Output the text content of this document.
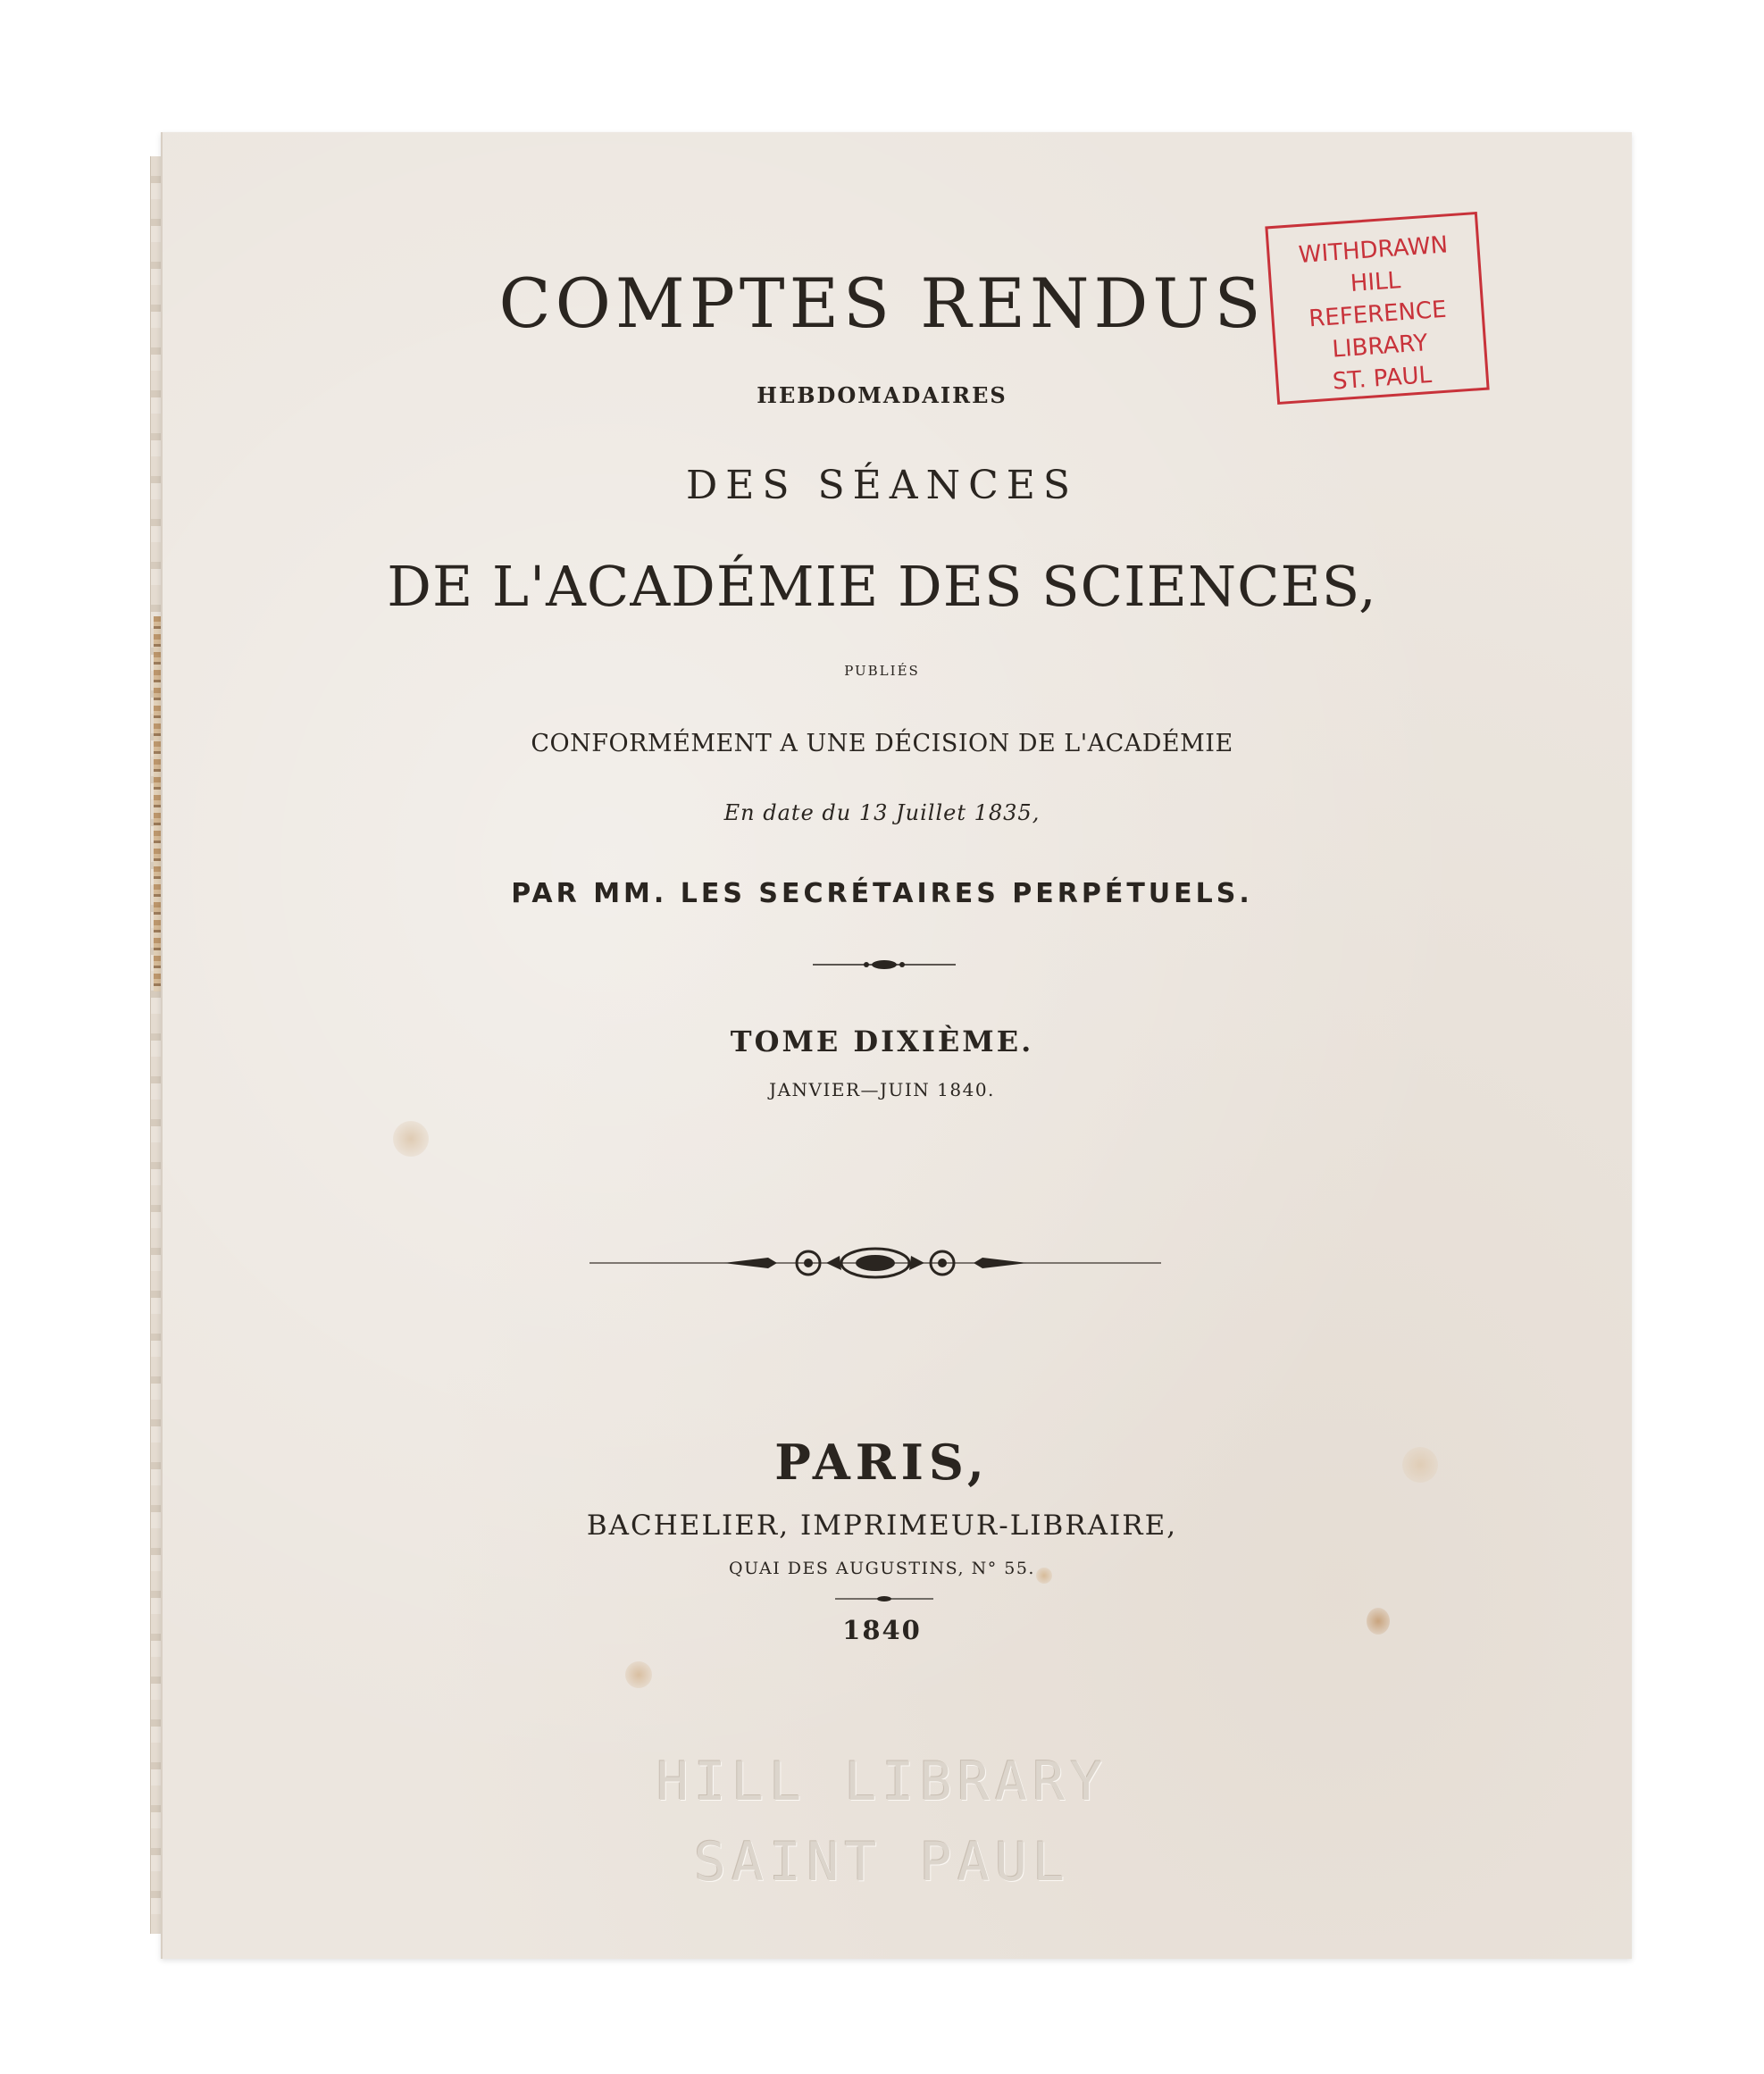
COMPTES RENDUS
HEBDOMADAIRES
DES SÉANCES
DE L'ACADÉMIE DES SCIENCES,
PUBLIÉS
CONFORMÉMENT A UNE DÉCISION DE L'ACADÉMIE
En date du 13 Juillet 1835,
PAR MM. LES SECRÉTAIRES PERPÉTUELS.
TOME DIXIÈME.
JANVIER—JUIN 1840.
PARIS,
BACHELIER, IMPRIMEUR-LIBRAIRE,
QUAI DES AUGUSTINS, N° 55.
1840
WITHDRAWN
HILL
REFERENCE
LIBRARY
ST. PAUL
HILL LIBRARY
SAINT PAUL
